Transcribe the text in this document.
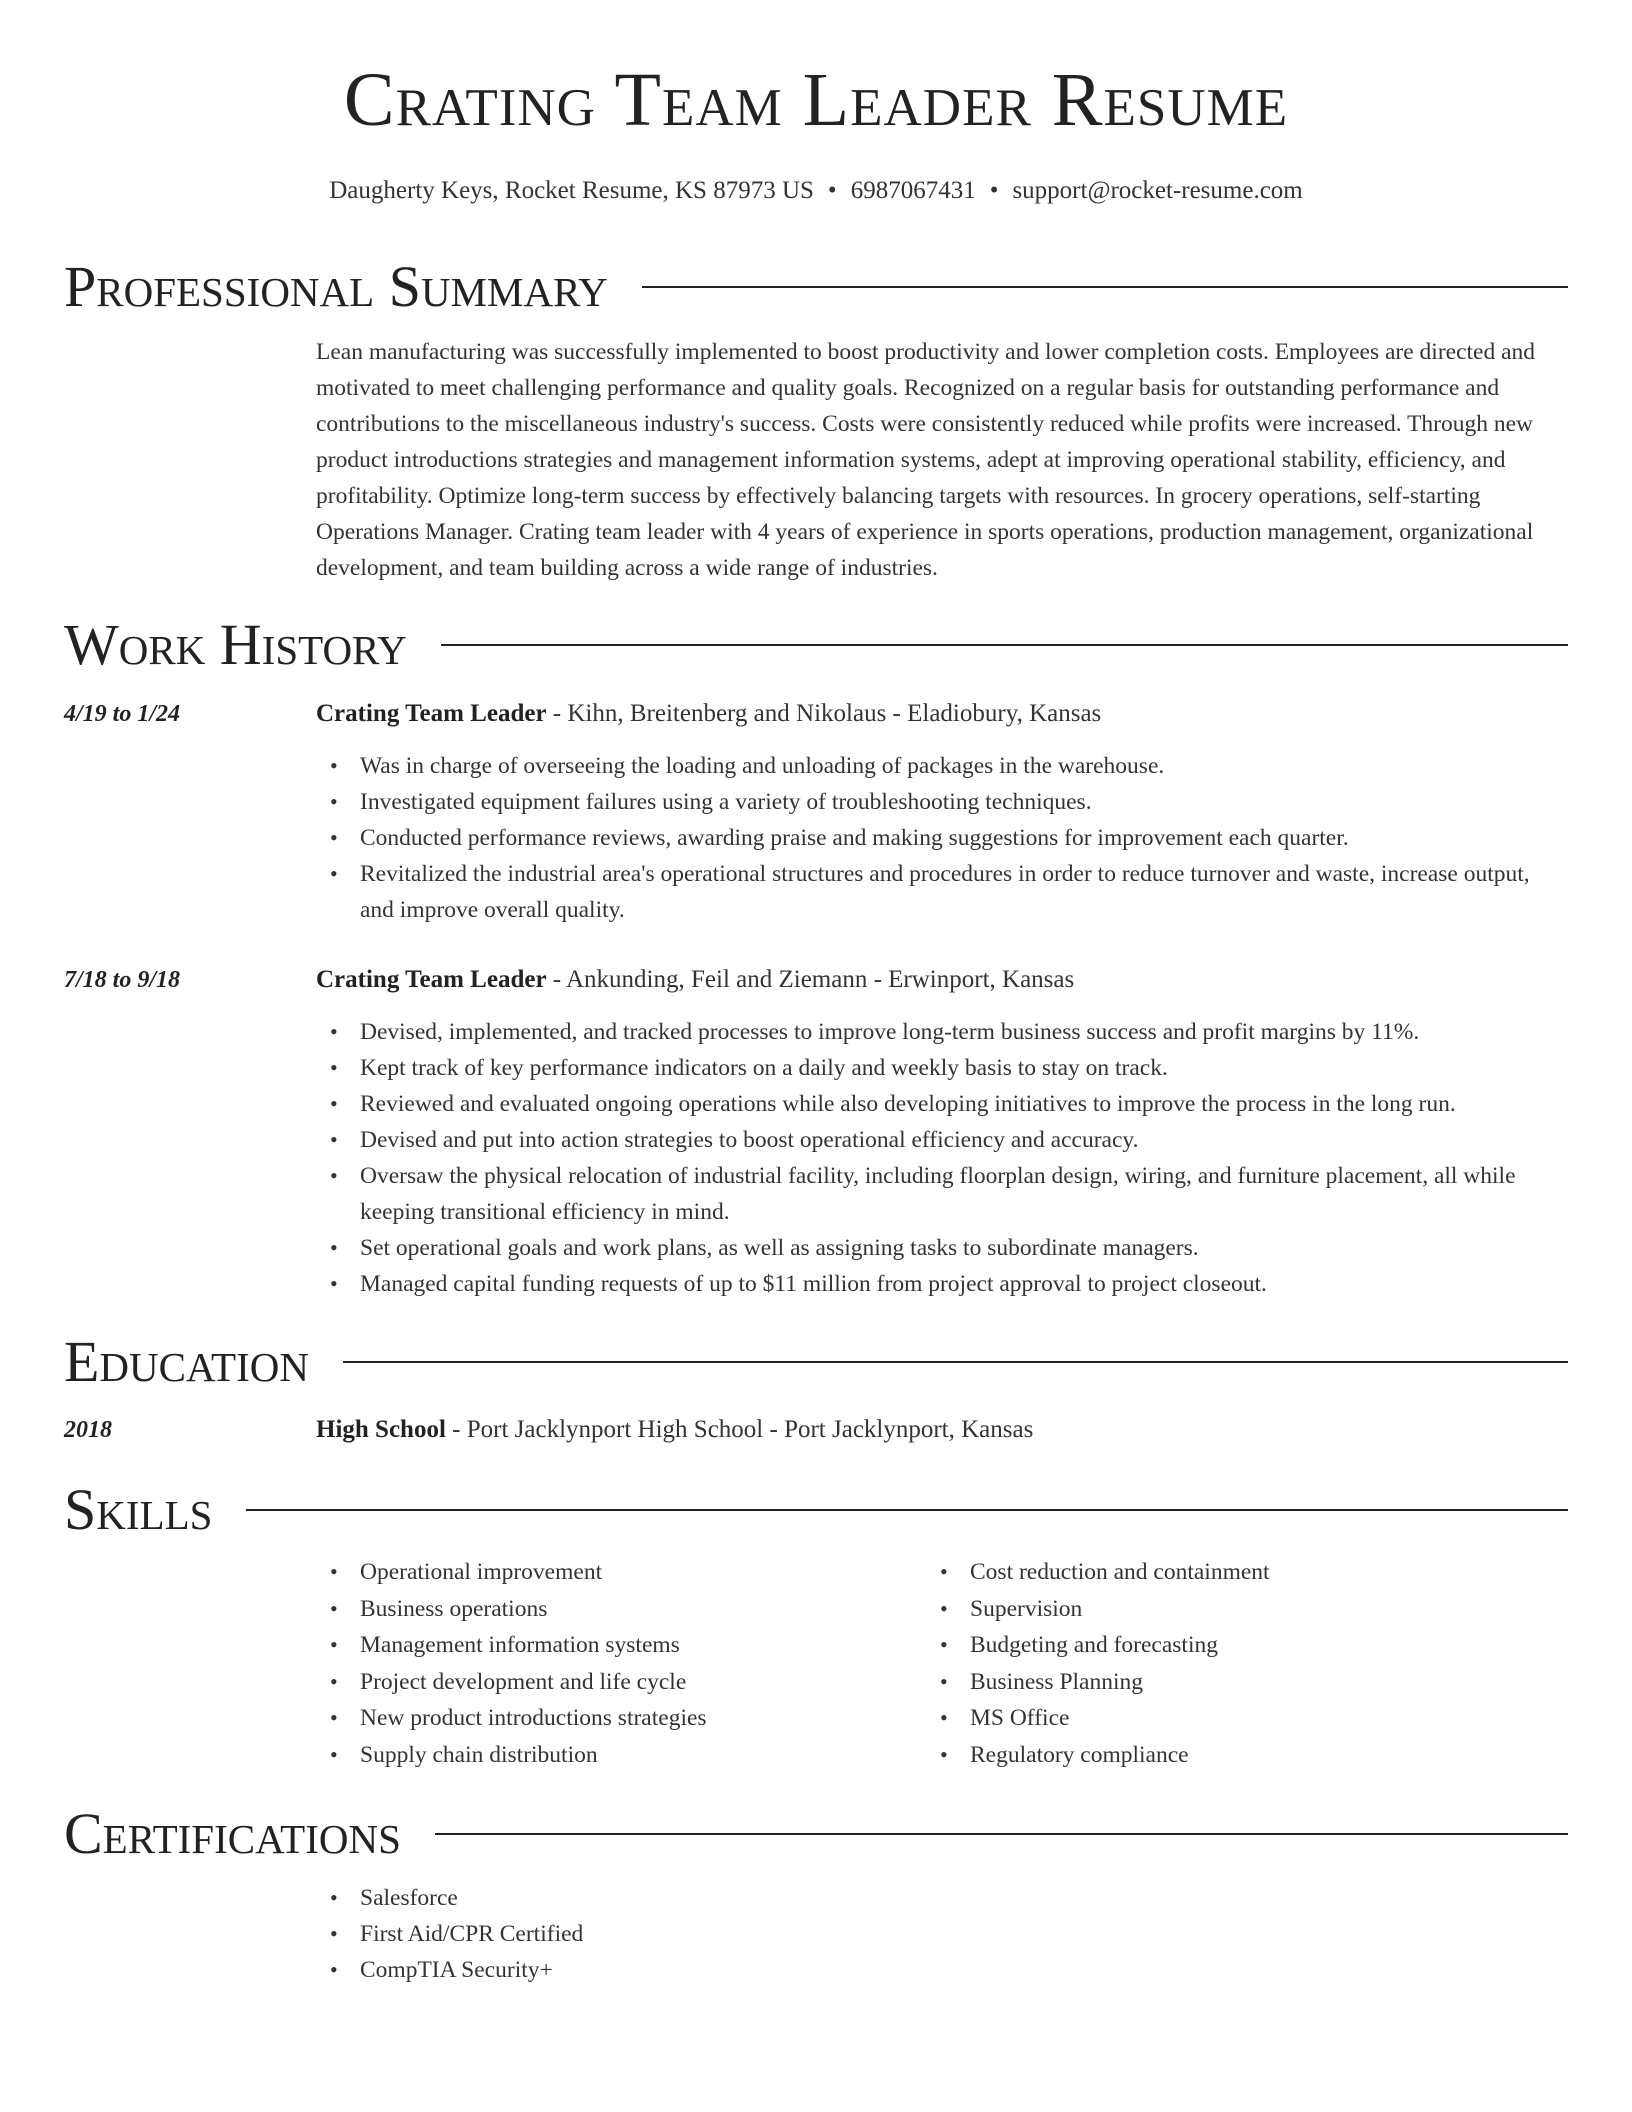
Crating Team Leader Resume
Daugherty Keys, Rocket Resume, KS 87973 US • 6987067431 • support@rocket-resume.com
Professional Summary

Lean manufacturing was successfully implemented to boost productivity and lower completion costs. Employees are directed and motivated to meet challenging performance and quality goals. Recognized on a regular basis for outstanding performance and contributions to the miscellaneous industry's success. Costs were consistently reduced while profits were increased. Through new product introductions strategies and management information systems, adept at improving operational stability, efficiency, and profitability. Optimize long-term success by effectively balancing targets with resources. In grocery operations, self-starting Operations Manager. Crating team leader with 4 years of experience in sports operations, production management, organizational development, and team building across a wide range of industries.

Work History
4/19 to 1/24	Crating Team Leader - Kihn, Breitenberg and Nikolaus - Eladiobury, Kansas
• Was in charge of overseeing the loading and unloading of packages in the warehouse.
• Investigated equipment failures using a variety of troubleshooting techniques.
• Conducted performance reviews, awarding praise and making suggestions for improvement each quarter.
• Revitalized the industrial area's operational structures and procedures in order to reduce turnover and waste, increase output, and improve overall quality.
7/18 to 9/18	Crating Team Leader - Ankunding, Feil and Ziemann - Erwinport, Kansas
• Devised, implemented, and tracked processes to improve long-term business success and profit margins by 11%.
• Kept track of key performance indicators on a daily and weekly basis to stay on track.
• Reviewed and evaluated ongoing operations while also developing initiatives to improve the process in the long run.
• Devised and put into action strategies to boost operational efficiency and accuracy.
• Oversaw the physical relocation of industrial facility, including floorplan design, wiring, and furniture placement, all while keeping transitional efficiency in mind.
• Set operational goals and work plans, as well as assigning tasks to subordinate managers.
• Managed capital funding requests of up to $11 million from project approval to project closeout.
Education
2018	High School - Port Jacklynport High School - Port Jacklynport, Kansas
Skills
• Operational improvement
• Business operations
• Management information systems
• Project development and life cycle
• New product introductions strategies
• Supply chain distribution
• Cost reduction and containment
• Supervision
• Budgeting and forecasting
• Business Planning
• MS Office
• Regulatory compliance
Certifications
• Salesforce
• First Aid/CPR Certified
• CompTIA Security+
